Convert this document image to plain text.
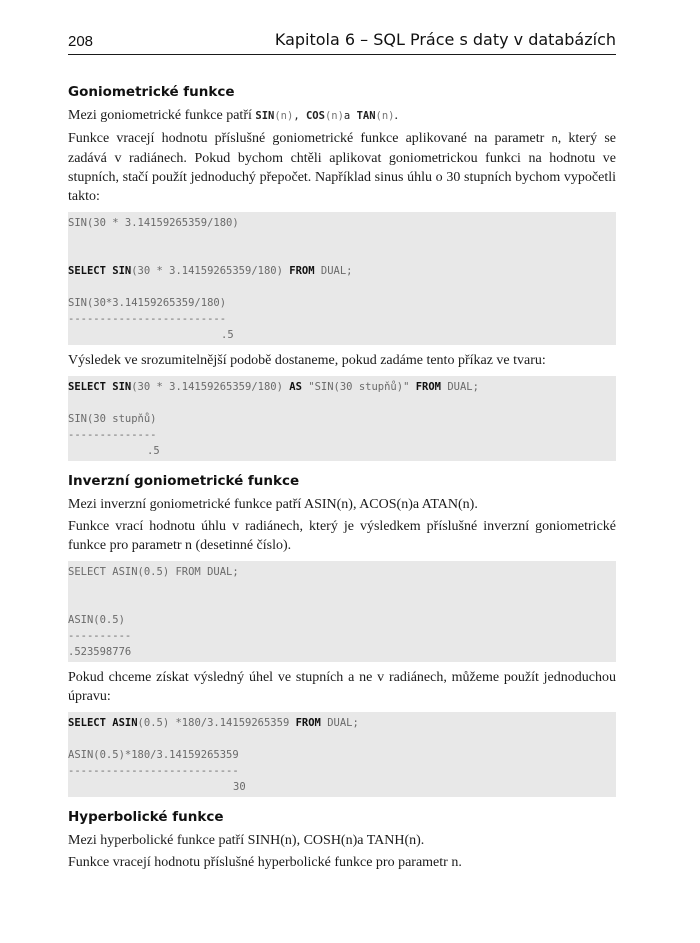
208	Kapitola 6 – SQL Práce s daty v databázích
Goniometrické funkce

Mezi goniometrické funkce patří SIN(n), COS(n)a TAN(n).

Funkce vracejí hodnotu příslušné goniometrické funkce aplikované na parametr n, který se zadává v radiánech. Pokud bychom chtěli aplikovat goniometrickou funkci na hodnotu ve stupních, stačí použít jednoduchý přepočet. Například sinus úhlu o 30 stupních bychom vypočetli takto:

SIN(30 * 3.14159265359/180)
SELECT SIN(30 * 3.14159265359/180) FROM DUAL;
SIN(30*3.14159265359/180)
-------------------------
.5

Výsledek ve srozumitelnější podobě dostaneme, pokud zadáme tento příkaz ve tvaru:

SELECT SIN(30 * 3.14159265359/180) AS "SIN(30 stupňů)" FROM DUAL;
SIN(30 stupňů)
--------------
.5
Inverzní goniometrické funkce

Mezi inverzní goniometrické funkce patří ASIN(n), ACOS(n)a ATAN(n).

Funkce vrací hodnotu úhlu v radiánech, který je výsledkem příslušné inverzní goniometrické funkce pro parametr n (desetinné číslo).

SELECT ASIN(0.5) FROM DUAL;
ASIN(0.5)
----------
.523598776

Pokud chceme získat výsledný úhel ve stupních a ne v radiánech, můžeme použít jednoduchou úpravu:

SELECT ASIN(0.5) *180/3.14159265359 FROM DUAL;
ASIN(0.5)*180/3.14159265359
---------------------------
30
Hyperbolické funkce

Mezi hyperbolické funkce patří SINH(n), COSH(n)a TANH(n).

Funkce vracejí hodnotu příslušné hyperbolické funkce pro parametr n.
